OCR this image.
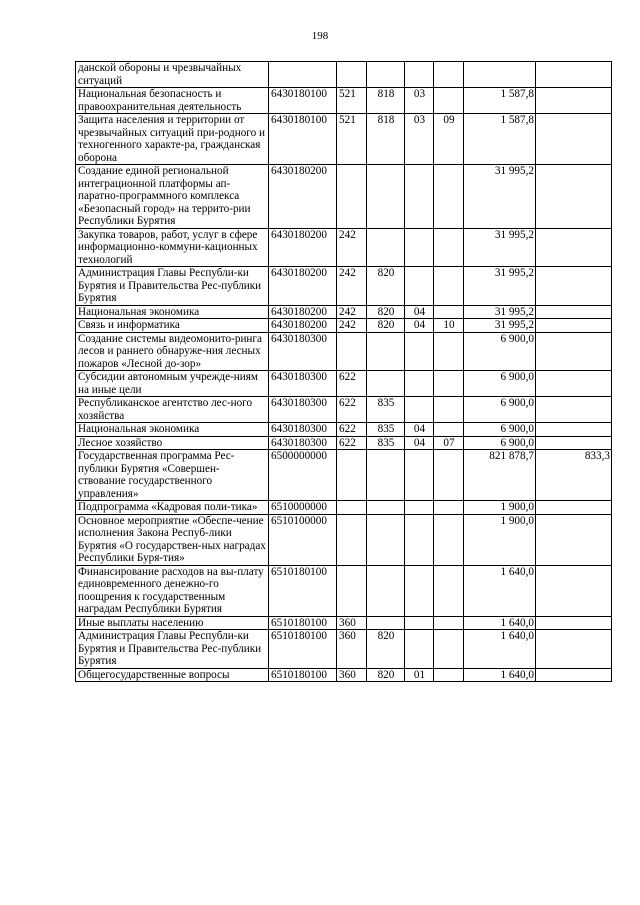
198
данской обороны и чрезвычайных ситуаций							
Национальная безопасность и правоохранительная деятельность	6430180100	521	818	03		1 587,8	
Защита населения и территории от чрезвычайных ситуаций при-родного и техногенного характе-ра, гражданская оборона	6430180100	521	818	03	09	1 587,8	
Создание единой региональной интеграционной платформы ап-паратно-программного комплекса «Безопасный город» на террито-рии Республики Бурятия	6430180200					31 995,2	
Закупка товаров, работ, услуг в сфере информационно-коммуни-кационных технологий	6430180200	242				31 995,2	
Администрация Главы Республи-ки Бурятия и Правительства Рес-публики Бурятия	6430180200	242	820			31 995,2	
Национальная экономика	6430180200	242	820	04		31 995,2	
Связь и информатика	6430180200	242	820	04	10	31 995,2	
Создание системы видеомонито-ринга лесов и раннего обнаруже-ния лесных пожаров «Лесной до-зор»	6430180300					6 900,0	
Субсидии автономным учрежде-ниям на иные цели	6430180300	622				6 900,0	
Республиканское агентство лес-ного хозяйства	6430180300	622	835			6 900,0	
Национальная экономика	6430180300	622	835	04		6 900,0	
Лесное хозяйство	6430180300	622	835	04	07	6 900,0	
Государственная программа Рес-публики Бурятия «Совершен-ствование государственного управления»	6500000000					821 878,7	833,3
Подпрограмма «Кадровая поли-тика»	6510000000					1 900,0	
Основное мероприятие «Обеспе-чение исполнения Закона Респуб-лики Бурятия «О государствен-ных наградах Республики Буря-тия»	6510100000					1 900,0	
Финансирование расходов на вы-плату единовременного денежно-го поощрения к государственным наградам Республики Бурятия	6510180100					1 640,0	
Иные выплаты населению	6510180100	360				1 640,0	
Администрация Главы Республи-ки Бурятия и Правительства Рес-публики Бурятия	6510180100	360	820			1 640,0	
Общегосударственные вопросы	6510180100	360	820	01		1 640,0	
